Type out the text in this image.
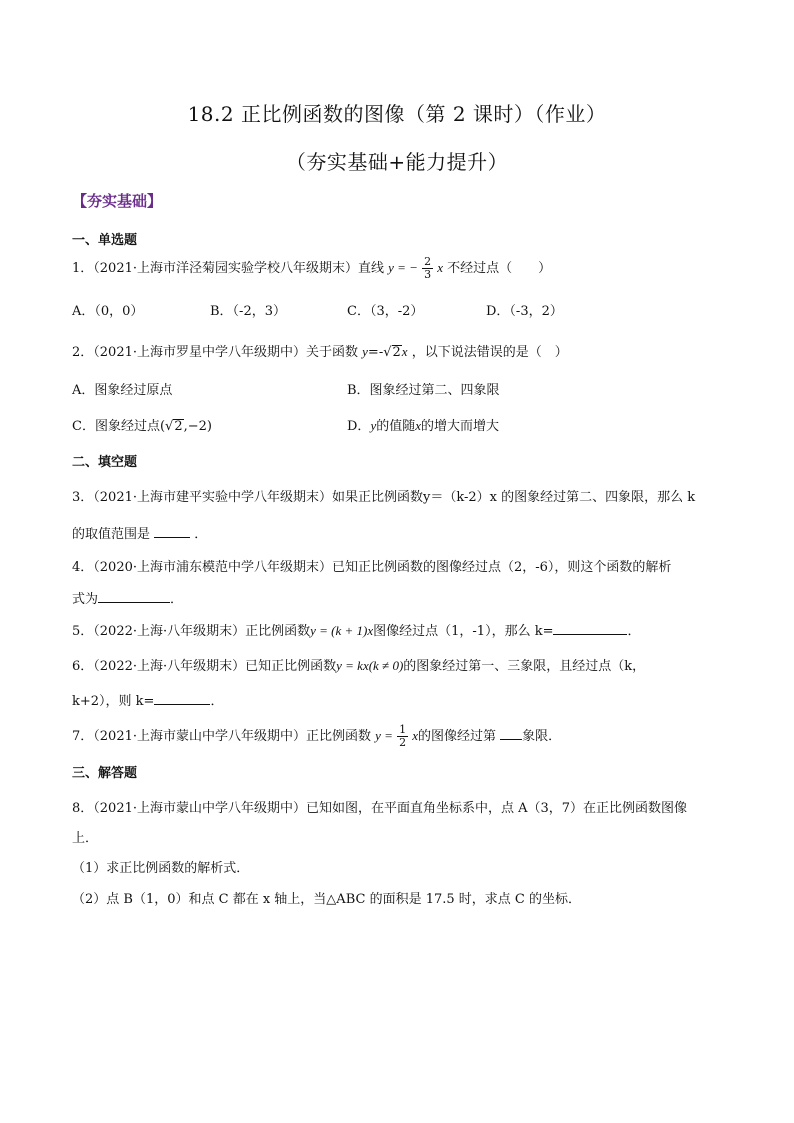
18.2 正比例函数的图像（第 2 课时）（作业）
（夯实基础+能力提升）
【夯实基础】
一、单选题
1．（2021·上海市洋泾菊园实验学校八年级期末）直线 y = − $\frac{2}{3}$ x 不经过点（　　）
A．（0，0）	B．（-2，3）	C．（3，-2）	D．（-3，2）
2．（2021·上海市罗星中学八年级期中）关于函数 y=-√2x ，以下说法错误的是（　）
A．图象经过原点	B．图象经过第二、四象限
C．图象经过点(√2,−2)	D．y的值随x的增大而增大
二、填空题
3．（2021·上海市建平实验中学八年级期末）如果正比例函数y＝（k-2）x 的图象经过第二、四象限，那么 k
的取值范围是	．
4．（2020·上海市浦东模范中学八年级期末）已知正比例函数的图像经过点（2，-6），则这个函数的解析
式为	．
5．（2022·上海·八年级期末）正比例函数y = (k + 1)x图像经过点（1，-1），那么 k=	．
6．（2022·上海·八年级期末）已知正比例函数y = kx(k ≠ 0)的图象经过第一、三象限，且经过点（k，
k+2），则 k=	．
7．（2021·上海市蒙山中学八年级期中）正比例函数 $y = \frac{1}{2}$ x的图像经过第 象限．
三、解答题
8．（2021·上海市蒙山中学八年级期中）已知如图，在平面直角坐标系中，点 A（3，7）在正比例函数图像
上．
（1）求正比例函数的解析式．
（2）点 B（1，0）和点 C 都在 x 轴上，当△ABC 的面积是 17.5 时，求点 C 的坐标．
